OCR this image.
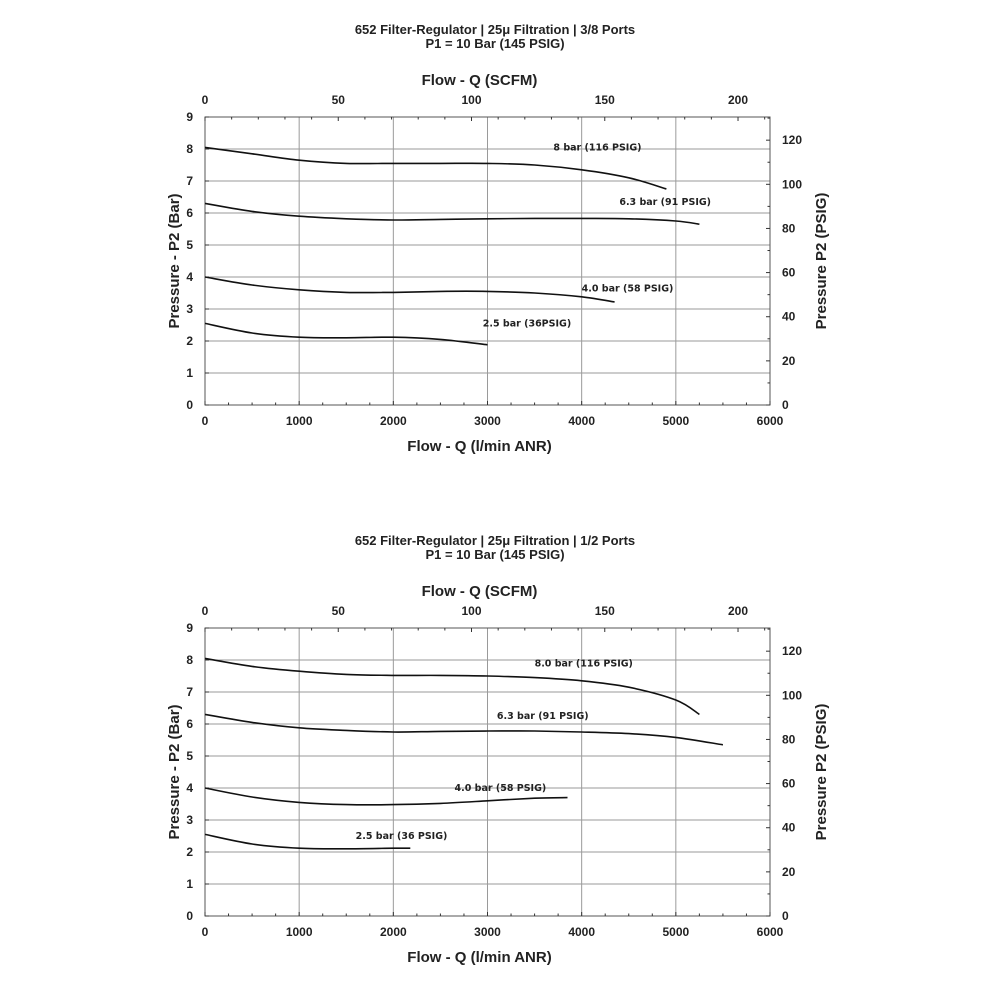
652 Filter-Regulator | 25μ Filtration | 3/8 Ports
P1 = 10 Bar (145 PSIG)
0	1000	2000	3000	4000	5000	6000
Flow - Q (l/min ANR)
0	50	100	150	200
Flow - Q (SCFM)
0
1
2
3
4
5
6
7
8
9
Pressure - P2 (Bar)
0
20
40
60
80
100
120
Pressure P2 (PSIG)
8 bar (116 PSIG)
6.3 bar (91 PSIG)
4.0 bar (58 PSIG)
2.5 bar (36PSIG)
652 Filter-Regulator | 25μ Filtration | 1/2 Ports
P1 = 10 Bar (145 PSIG)
0	1000	2000	3000	4000	5000	6000
Flow - Q (l/min ANR)
0	50	100	150	200
Flow - Q (SCFM)
0
1
2
3
4
5
6
7
8
9
Pressure - P2 (Bar)
0
20
40
60
80
100
120
Pressure P2 (PSIG)
8.0 bar (116 PSIG)
6.3 bar (91 PSIG)
4.0 bar (58 PSIG)
2.5 bar (36 PSIG)
